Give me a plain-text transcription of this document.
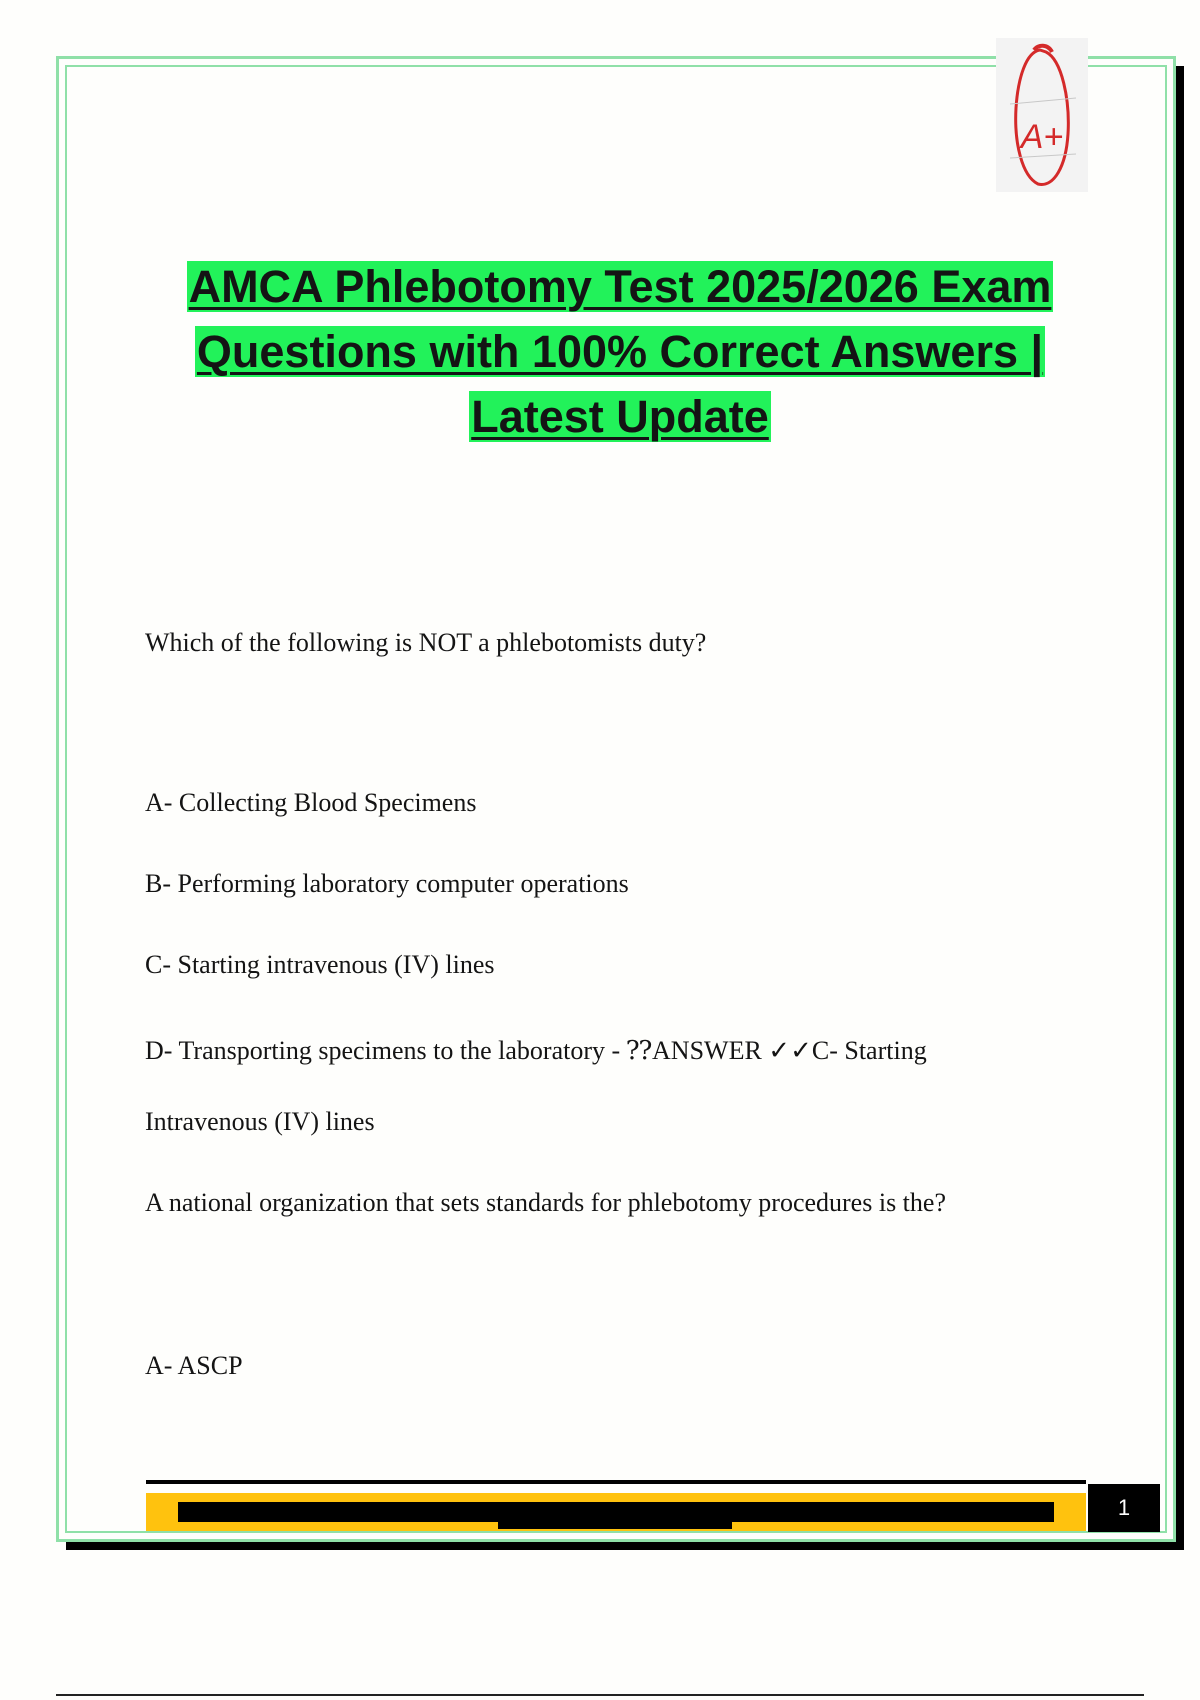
A+
AMCA Phlebotomy Test 2025/2026 Exam
Questions with 100% Correct Answers |
Latest Update
Which of the following is NOT a phlebotomists duty?
A- Collecting Blood Specimens
B- Performing laboratory computer operations
C- Starting intravenous (IV) lines
D- Transporting specimens to the laboratory - ⁇ANSWER ✓✓C- Starting
Intravenous (IV) lines
A national organization that sets standards for phlebotomy procedures is the?
A- ASCP
1
